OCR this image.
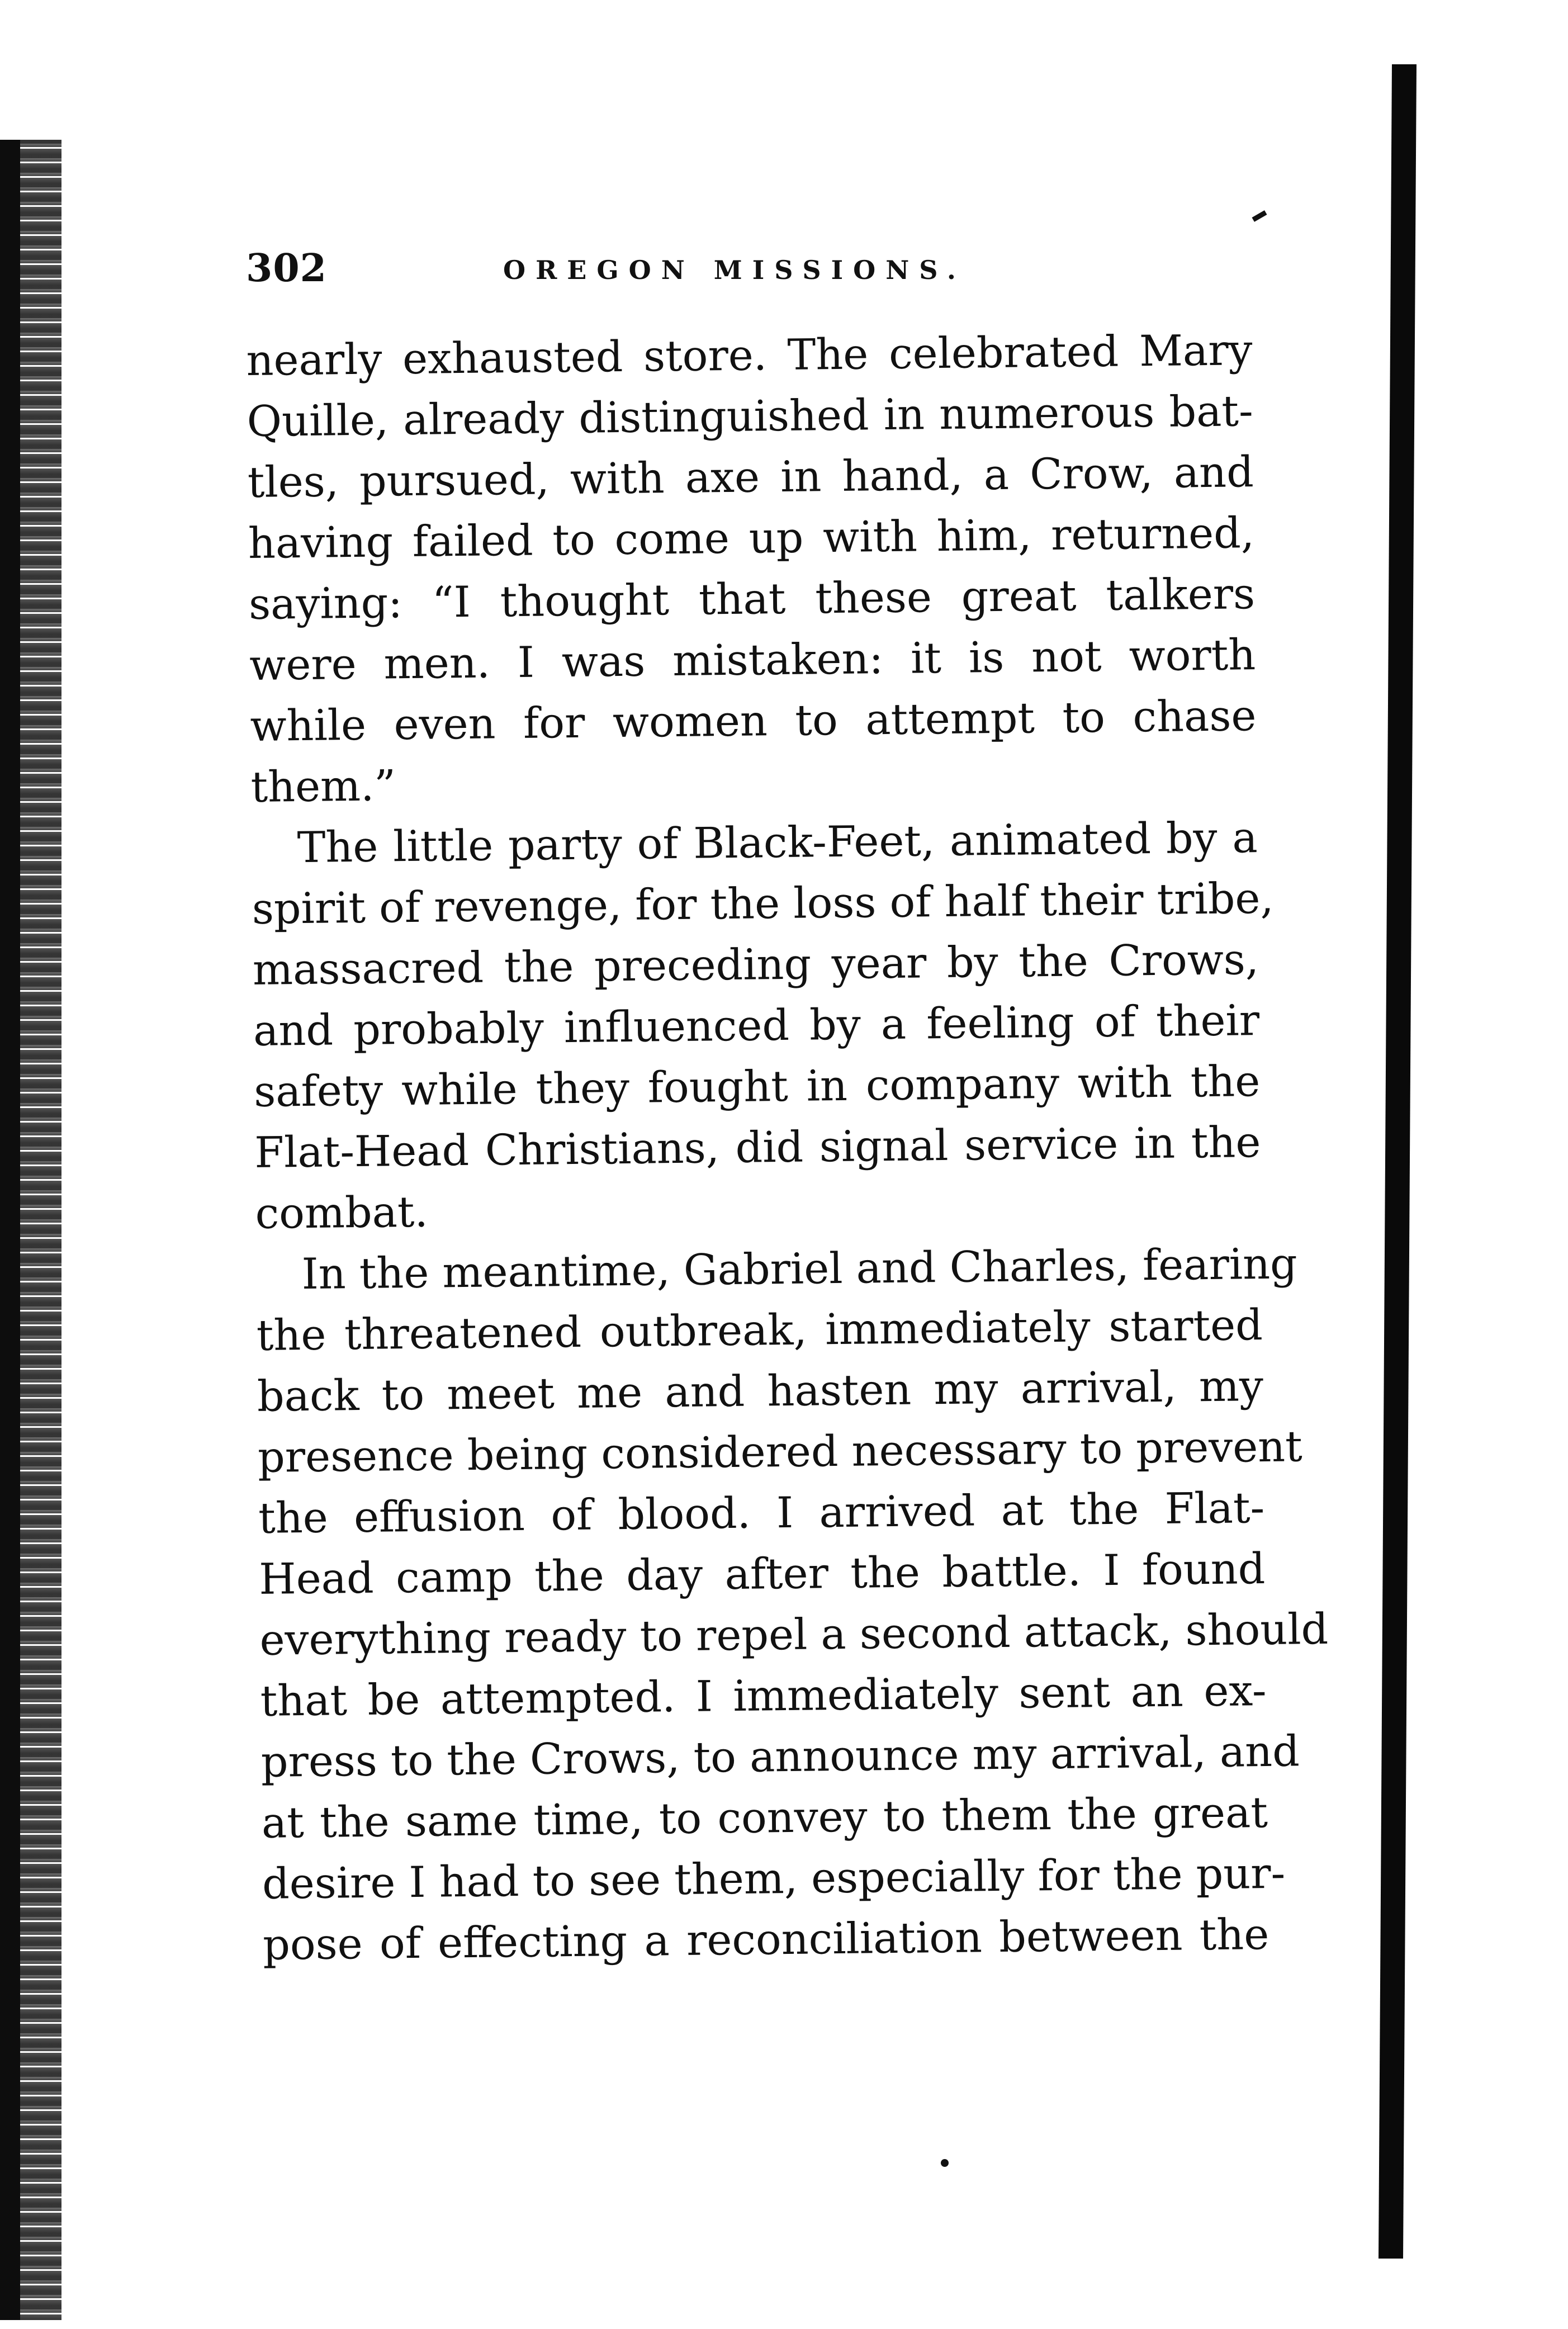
302	OREGON MISSIONS.

nearly exhausted store. The celebrated Mary
Quille, already distinguished in numerous bat-
tles, pursued, with axe in hand, a Crow, and
having failed to come up with him, returned,
saying: “I thought that these great talkers
were men. I was mistaken: it is not worth
while even for women to attempt to chase
them.”

The little party of Black-Feet, animated by a
spirit of revenge, for the loss of half their tribe,
massacred the preceding year by the Crows,
and probably influenced by a feeling of their
safety while they fought in company with the
Flat-Head Christians, did signal service in the
combat.

In the meantime, Gabriel and Charles, fearing
the threatened outbreak, immediately started
back to meet me and hasten my arrival, my
presence being considered necessary to prevent
the effusion of blood. I arrived at the Flat-
Head camp the day after the battle. I found
everything ready to repel a second attack, should
that be attempted. I immediately sent an ex-
press to the Crows, to announce my arrival, and
at the same time, to convey to them the great
desire I had to see them, especially for the pur-
pose of effecting a reconciliation between the
